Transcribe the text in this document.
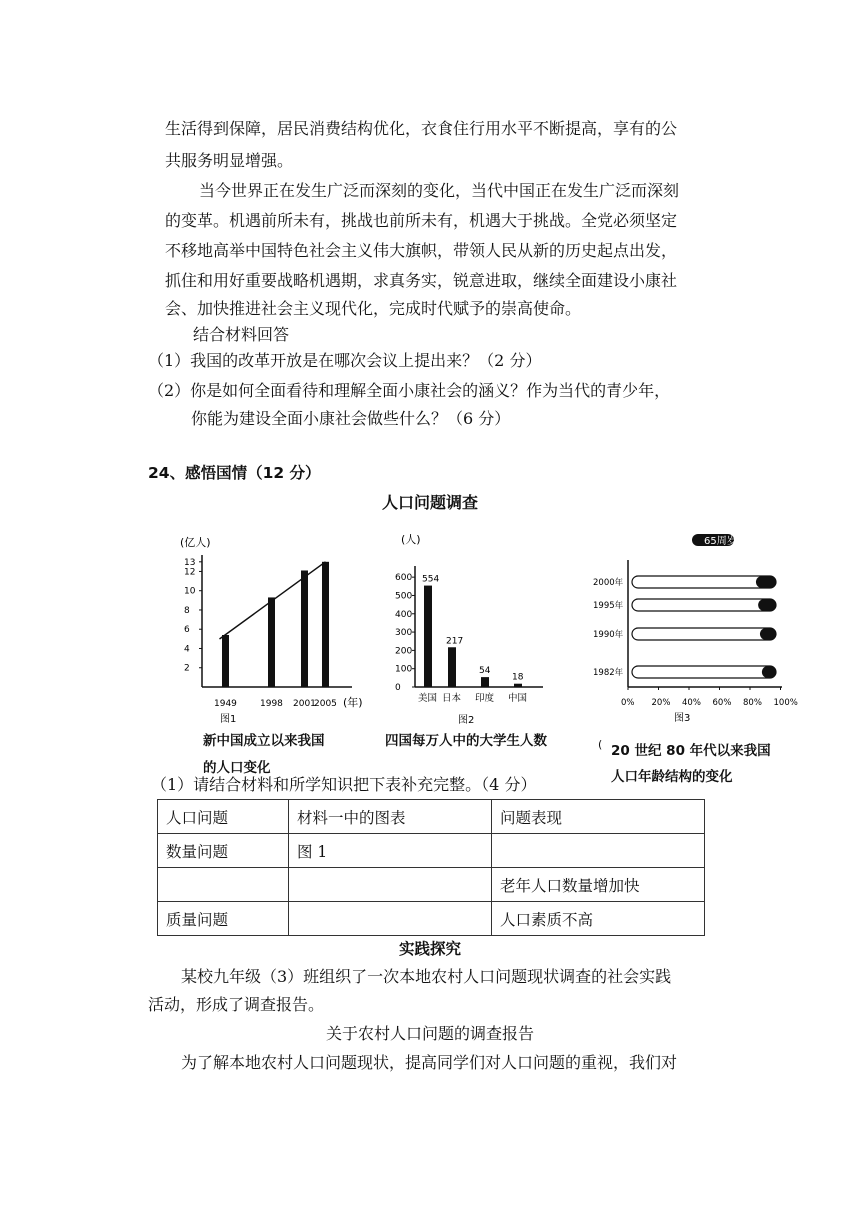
生活得到保障，居民消费结构优化，衣食住行用水平不断提高，享有的公
共服务明显增强。
当今世界正在发生广泛而深刻的变化，当代中国正在发生广泛而深刻
的变革。机遇前所未有，挑战也前所未有，机遇大于挑战。全党必须坚定
不移地高举中国特色社会主义伟大旗帜，带领人民从新的历史起点出发，
抓住和用好重要战略机遇期，求真务实，锐意进取，继续全面建设小康社
会、加快推进社会主义现代化，完成时代赋予的崇高使命。
结合材料回答
（1）我国的改革开放是在哪次会议上提出来？（2 分）
（2）你是如何全面看待和理解全面小康社会的涵义？作为当代的青少年，
你能为建设全面小康社会做些什么？（6 分）
24、感悟国情（12 分）
人口问题调查
(亿人)
2
4
6
8
10
12
13
1949	1998 2001
2005 (年)
图1
(人)
0
100
200
300
400
500
600 554
217
54
18
美国 日本 印度 中国
图2
65周岁以上
2000年
1995年
1990年
1982年
0% 20% 40% 60% 80% 100%
图3
新中国成立以来我国
的人口变化
四国每万人中的大学生人数	( 20 世纪 80 年代以来我国
人口年龄结构的变化
（1）请结合材料和所学知识把下表补充完整。（4 分）
人口问题	材料一中的图表	问题表现
数量问题	图 1	
		老年人口数量增加快
质量问题		人口素质不高
实践探究
某校九年级（3）班组织了一次本地农村人口问题现状调查的社会实践
活动，形成了调查报告。
关于农村人口问题的调查报告
为了解本地农村人口问题现状，提高同学们对人口问题的重视，我们对
